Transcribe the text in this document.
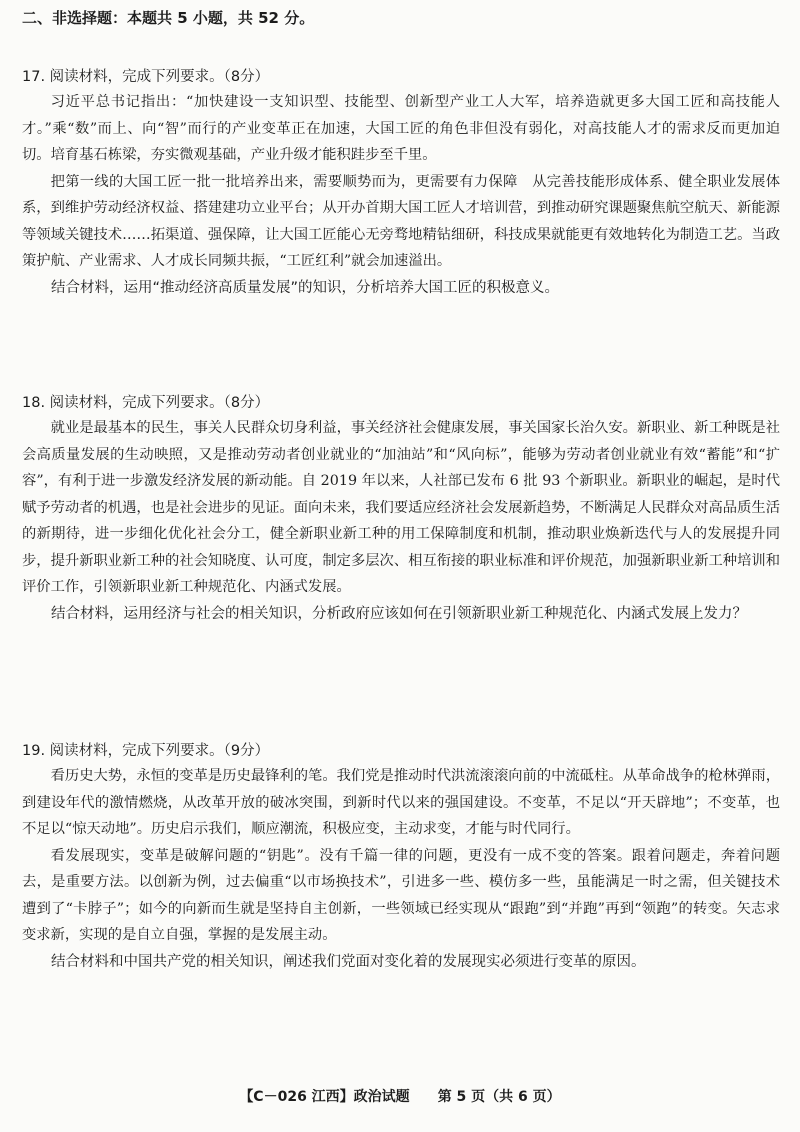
二、非选择题：本题共 5 小题，共 52 分。
17. 阅读材料，完成下列要求。（8分）

习近平总书记指出：“加快建设一支知识型、技能型、创新型产业工人大军，培养造就更多大国工匠和高技能人才。”乘“数”而上、向“智”而行的产业变革正在加速，大国工匠的角色非但没有弱化，对高技能人才的需求反而更加迫切。培育基石栋梁，夯实微观基础，产业升级才能积跬步至千里。

把第一线的大国工匠一批一批培养出来，需要顺势而为，更需要有力保障　从完善技能形成体系、健全职业发展体系，到维护劳动经济权益、搭建建功立业平台；从开办首期大国工匠人才培训营，到推动研究课题聚焦航空航天、新能源等领域关键技术……拓渠道、强保障，让大国工匠能心无旁骛地精钻细研，科技成果就能更有效地转化为制造工艺。当政策护航、产业需求、人才成长同频共振，“工匠红利”就会加速溢出。

结合材料，运用“推动经济高质量发展”的知识，分析培养大国工匠的积极意义。

18. 阅读材料，完成下列要求。（8分）

就业是最基本的民生，事关人民群众切身利益，事关经济社会健康发展，事关国家长治久安。新职业、新工种既是社会高质量发展的生动映照，又是推动劳动者创业就业的“加油站”和“风向标”，能够为劳动者创业就业有效“蓄能”和“扩容”，有利于进一步激发经济发展的新动能。自 2019 年以来，人社部已发布 6 批 93 个新职业。新职业的崛起，是时代赋予劳动者的机遇，也是社会进步的见证。面向未来，我们要适应经济社会发展新趋势，不断满足人民群众对高品质生活的新期待，进一步细化优化社会分工，健全新职业新工种的用工保障制度和机制，推动职业焕新迭代与人的发展提升同步，提升新职业新工种的社会知晓度、认可度，制定多层次、相互衔接的职业标准和评价规范，加强新职业新工种培训和评价工作，引领新职业新工种规范化、内涵式发展。

结合材料，运用经济与社会的相关知识，分析政府应该如何在引领新职业新工种规范化、内涵式发展上发力？

19. 阅读材料，完成下列要求。（9分）

看历史大势，永恒的变革是历史最锋利的笔。我们党是推动时代洪流滚滚向前的中流砥柱。从革命战争的枪林弹雨，到建设年代的激情燃烧，从改革开放的破冰突围，到新时代以来的强国建设。不变革，不足以“开天辟地”；不变革，也不足以“惊天动地”。历史启示我们，顺应潮流，积极应变，主动求变，才能与时代同行。

看发展现实，变革是破解问题的“钥匙”。没有千篇一律的问题，更没有一成不变的答案。跟着问题走，奔着问题去，是重要方法。以创新为例，过去偏重“以市场换技术”，引进多一些、模仿多一些，虽能满足一时之需，但关键技术遭到了“卡脖子”；如今的向新而生就是坚持自主创新，一些领域已经实现从“跟跑”到“并跑”再到“领跑”的转变。矢志求变求新，实现的是自立自强，掌握的是发展主动。

结合材料和中国共产党的相关知识，阐述我们党面对变化着的发展现实必须进行变革的原因。

【C－026 江西】政治试题 第 5 页（共 6 页）
